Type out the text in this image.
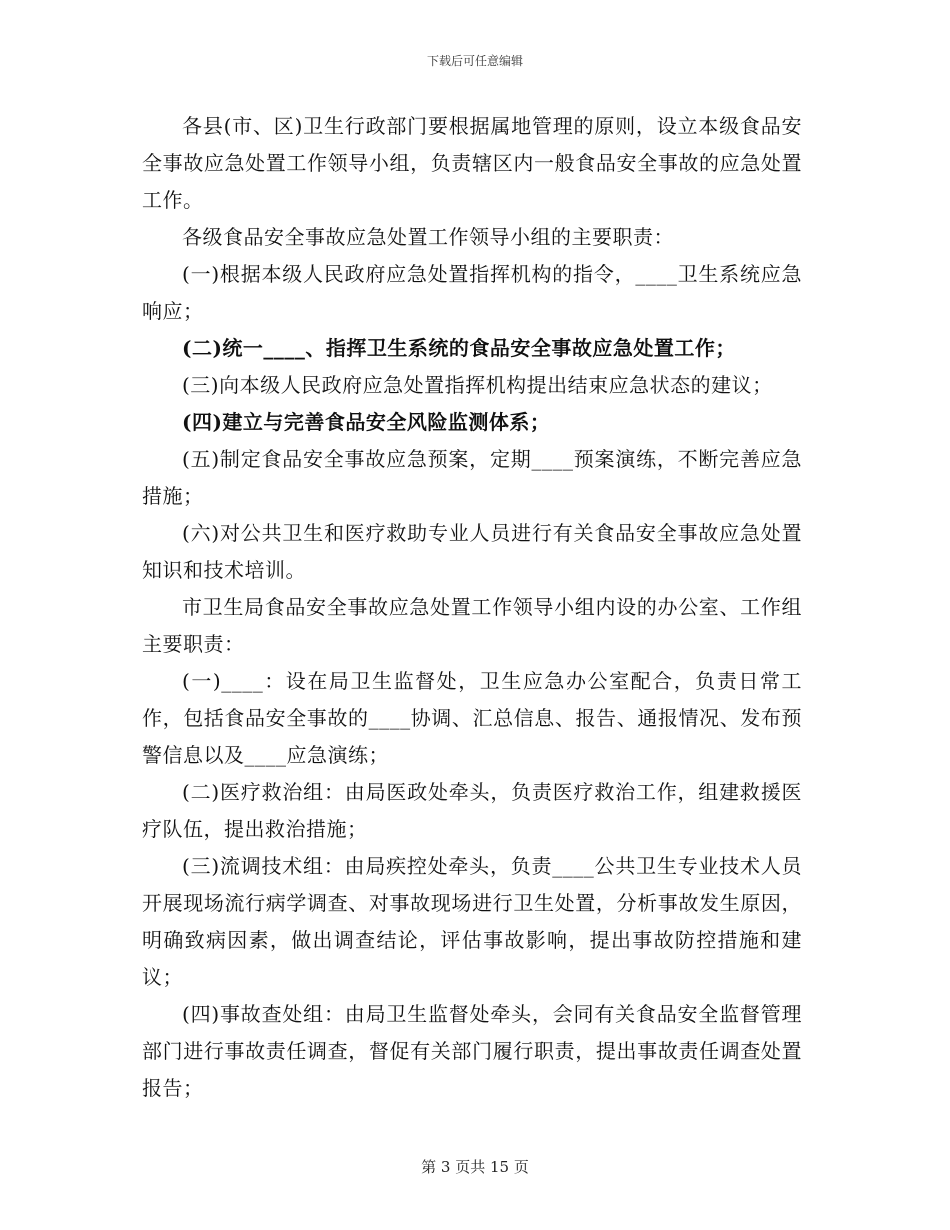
下载后可任意编辑

各县(市、区)卫生行政部门要根据属地管理的原则，设立本级食品安全事故应急处置工作领导小组，负责辖区内一般食品安全事故的应急处置工作。

各级食品安全事故应急处置工作领导小组的主要职责：

(一)根据本级人民政府应急处置指挥机构的指令，____卫生系统应急响应；

(二)统一____、指挥卫生系统的食品安全事故应急处置工作；

(三)向本级人民政府应急处置指挥机构提出结束应急状态的建议；

(四)建立与完善食品安全风险监测体系；

(五)制定食品安全事故应急预案，定期____预案演练，不断完善应急措施；

(六)对公共卫生和医疗救助专业人员进行有关食品安全事故应急处置知识和技术培训。

市卫生局食品安全事故应急处置工作领导小组内设的办公室、工作组主要职责：

(一)____：设在局卫生监督处，卫生应急办公室配合，负责日常工作，包括食品安全事故的____协调、汇总信息、报告、通报情况、发布预警信息以及____应急演练；

(二)医疗救治组：由局医政处牵头，负责医疗救治工作，组建救援医疗队伍，提出救治措施；

(三)流调技术组：由局疾控处牵头，负责____公共卫生专业技术人员开展现场流行病学调查、对事故现场进行卫生处置，分析事故发生原因，明确致病因素，做出调查结论，评估事故影响，提出事故防控措施和建议；

(四)事故查处组：由局卫生监督处牵头，会同有关食品安全监督管理部门进行事故责任调查，督促有关部门履行职责，提出事故责任调查处置报告；

第 3 页共 15 页
